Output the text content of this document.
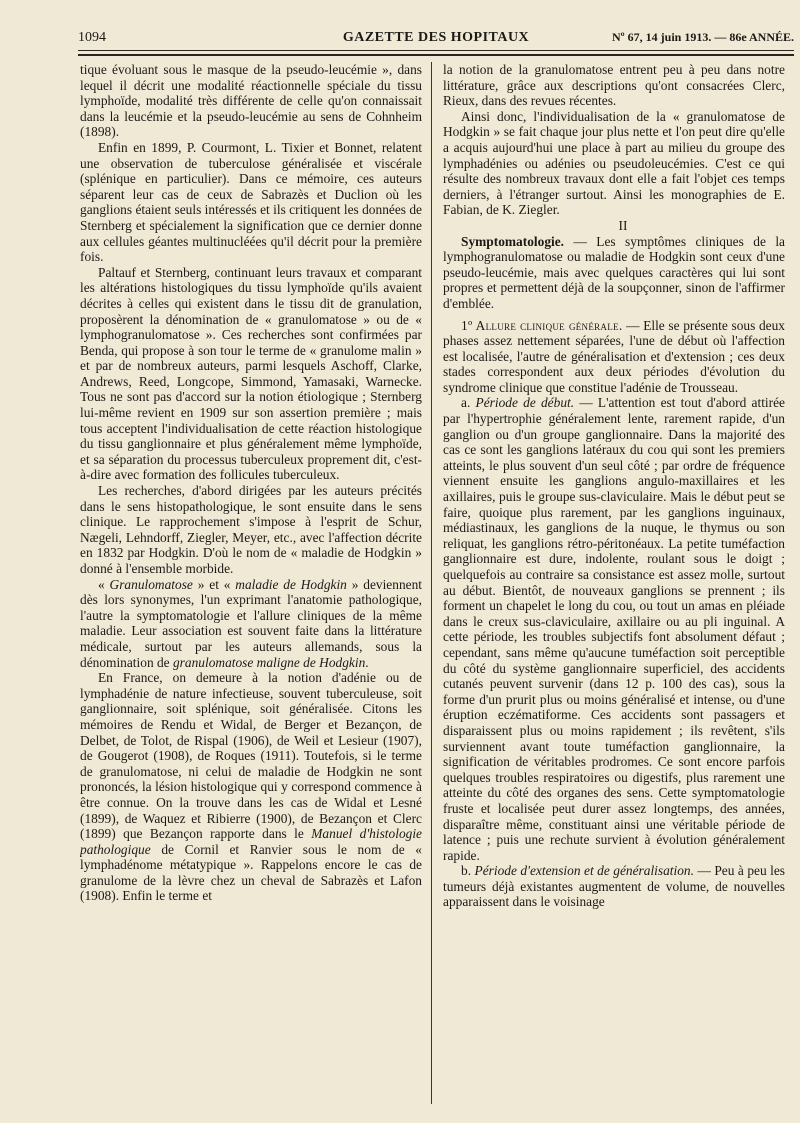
1094	GAZETTE DES HOPITAUX	Nº 67, 14 juin 1913. — 86e ANNÉE.

tique évoluant sous le masque de la pseudo-leucémie », dans lequel il décrit une modalité réactionnelle spéciale du tissu lymphoïde, modalité très différente de celle qu'on connaissait dans la leucémie et la pseudo-leucémie au sens de Cohnheim (1898).

Enfin en 1899, P. Courmont, L. Tixier et Bonnet, relatent une observation de tuberculose généralisée et viscérale (splénique en particulier). Dans ce mémoire, ces auteurs séparent leur cas de ceux de Sabrazès et Duclion où les ganglions étaient seuls intéressés et ils critiquent les données de Sternberg et spécialement la signification que ce dernier donne aux cellules géantes multinucléées qu'il décrit pour la première fois.

Paltauf et Sternberg, continuant leurs travaux et comparant les altérations histologiques du tissu lymphoïde qu'ils avaient décrites à celles qui existent dans le tissu dit de granulation, proposèrent la dénomination de « granulomatose » ou de « lymphogranulomatose ». Ces recherches sont confirmées par Benda, qui propose à son tour le terme de « granulome malin » et par de nombreux auteurs, parmi lesquels Aschoff, Clarke, Andrews, Reed, Longcope, Simmond, Yamasaki, Warnecke. Tous ne sont pas d'accord sur la notion étiologique ; Sternberg lui-même revient en 1909 sur son assertion première ; mais tous acceptent l'individualisation de cette réaction histologique du tissu ganglionnaire et plus généralement même lymphoïde, et sa séparation du processus tuberculeux proprement dit, c'est-à-dire avec formation des follicules tuberculeux.

Les recherches, d'abord dirigées par les auteurs précités dans le sens histopathologique, le sont ensuite dans le sens clinique. Le rapprochement s'impose à l'esprit de Schur, Nægeli, Lehndorff, Ziegler, Meyer, etc., avec l'affection décrite en 1832 par Hodgkin. D'où le nom de « maladie de Hodgkin » donné à l'ensemble morbide.

« Granulomatose » et « maladie de Hodgkin » deviennent dès lors synonymes, l'un exprimant l'anatomie pathologique, l'autre la symptomatologie et l'allure cliniques de la même maladie. Leur association est souvent faite dans la littérature médicale, surtout par les auteurs allemands, sous la dénomination de granulomatose maligne de Hodgkin.

En France, on demeure à la notion d'adénie ou de lymphadénie de nature infectieuse, souvent tuberculeuse, soit ganglionnaire, soit splénique, soit généralisée. Citons les mémoires de Rendu et Widal, de Berger et Bezançon, de Delbet, de Tolot, de Rispal (1906), de Weil et Lesieur (1907), de Gougerot (1908), de Roques (1911). Toutefois, si le terme de granulomatose, ni celui de maladie de Hodgkin ne sont prononcés, la lésion histologique qui y correspond commence à être connue. On la trouve dans les cas de Widal et Lesné (1899), de Waquez et Ribierre (1900), de Bezançon et Clerc (1899) que Bezançon rapporte dans le Manuel d'histologie pathologique de Cornil et Ranvier sous le nom de « lymphadénome métatypique ». Rappelons encore le cas de granulome de la lèvre chez un cheval de Sabrazès et Lafon (1908). Enfin le terme et

la notion de la granulomatose entrent peu à peu dans notre littérature, grâce aux descriptions qu'ont consacrées Clerc, Rieux, dans des revues récentes.

Ainsi donc, l'individualisation de la « granulomatose de Hodgkin » se fait chaque jour plus nette et l'on peut dire qu'elle a acquis aujourd'hui une place à part au milieu du groupe des lymphadénies ou adénies ou pseudoleucémies. C'est ce qui résulte des nombreux travaux dont elle a fait l'objet ces temps derniers, à l'étranger surtout. Ainsi les monographies de E. Fabian, de K. Ziegler.

II

Symptomatologie. — Les symptômes cliniques de la lymphogranulomatose ou maladie de Hodgkin sont ceux d'une pseudo-leucémie, mais avec quelques caractères qui lui sont propres et permettent déjà de la soupçonner, sinon de l'affirmer d'emblée.

1º Allure clinique générale. — Elle se présente sous deux phases assez nettement séparées, l'une de début où l'affection est localisée, l'autre de généralisation et d'extension ; ces deux stades correspondent aux deux périodes d'évolution du syndrome clinique que constitue l'adénie de Trousseau.

a. Période de début. — L'attention est tout d'abord attirée par l'hypertrophie généralement lente, rarement rapide, d'un ganglion ou d'un groupe ganglionnaire. Dans la majorité des cas ce sont les ganglions latéraux du cou qui sont les premiers atteints, le plus souvent d'un seul côté ; par ordre de fréquence viennent ensuite les ganglions angulo-maxillaires et les axillaires, puis le groupe sus-claviculaire. Mais le début peut se faire, quoique plus rarement, par les ganglions inguinaux, médiastinaux, les ganglions de la nuque, le thymus ou son reliquat, les ganglions rétro-péritonéaux. La petite tuméfaction ganglionnaire est dure, indolente, roulant sous le doigt ; quelquefois au contraire sa consistance est assez molle, surtout au début. Bientôt, de nouveaux ganglions se prennent ; ils forment un chapelet le long du cou, ou tout un amas en pléiade dans le creux sus-claviculaire, axillaire ou au pli inguinal. A cette période, les troubles subjectifs font absolument défaut ; cependant, sans même qu'aucune tuméfaction soit perceptible du côté du système ganglionnaire superficiel, des accidents cutanés peuvent survenir (dans 12 p. 100 des cas), sous la forme d'un prurit plus ou moins généralisé et intense, ou d'une éruption eczématiforme. Ces accidents sont passagers et disparaissent plus ou moins rapidement ; ils revêtent, s'ils surviennent avant toute tuméfaction ganglionnaire, la signification de véritables prodromes. Ce sont encore parfois quelques troubles respiratoires ou digestifs, plus rarement une atteinte du côté des organes des sens. Cette symptomatologie fruste et localisée peut durer assez longtemps, des années, disparaître même, constituant ainsi une véritable période de latence ; puis une rechute survient à évolution généralement rapide.

b. Période d'extension et de généralisation. — Peu à peu les tumeurs déjà existantes augmentent de volume, de nouvelles apparaissent dans le voisinage
